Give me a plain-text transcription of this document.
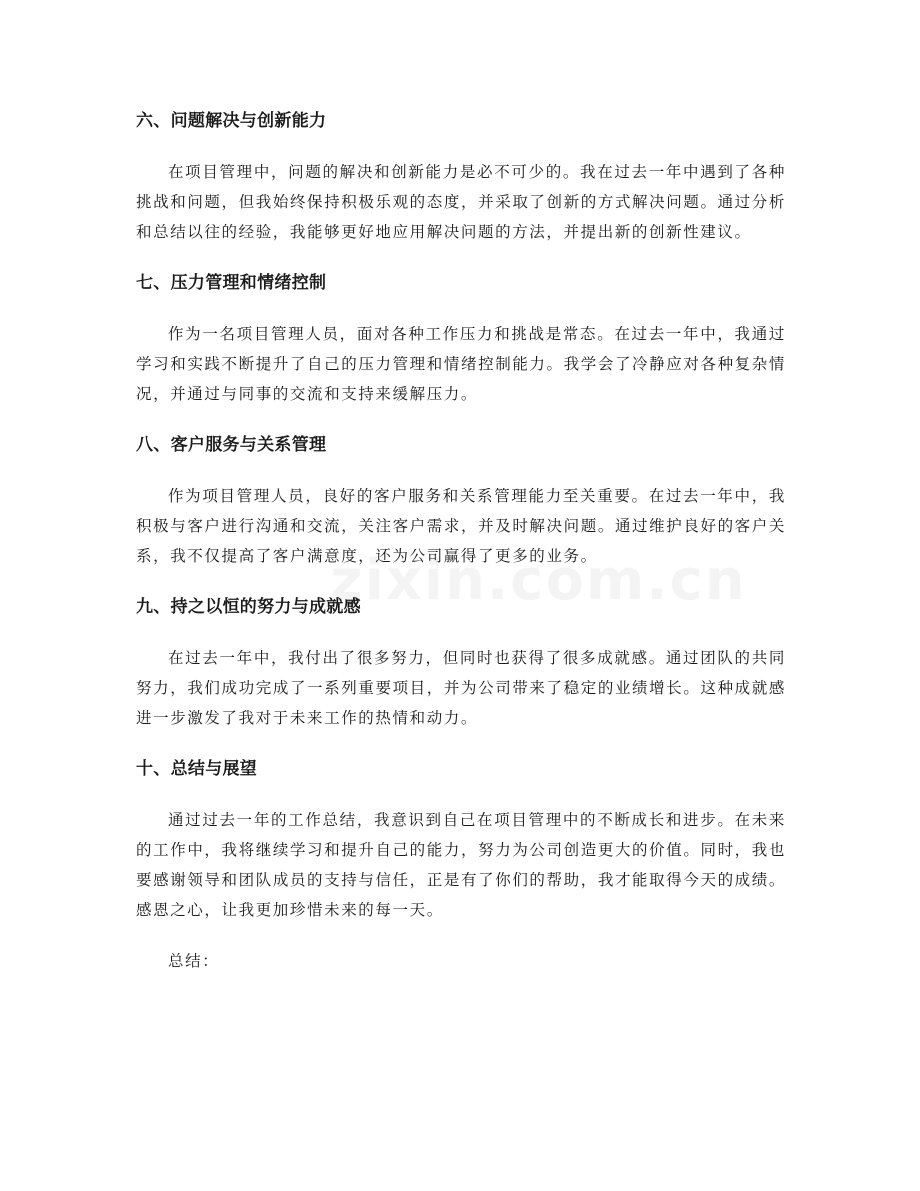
六、问题解决与创新能力

在项目管理中，问题的解决和创新能力是必不可少的。我在过去一年中遇到了各种挑战和问题，但我始终保持积极乐观的态度，并采取了创新的方式解决问题。通过分析和总结以往的经验，我能够更好地应用解决问题的方法，并提出新的创新性建议。

七、压力管理和情绪控制

作为一名项目管理人员，面对各种工作压力和挑战是常态。在过去一年中，我通过学习和实践不断提升了自己的压力管理和情绪控制能力。我学会了冷静应对各种复杂情况，并通过与同事的交流和支持来缓解压力。

八、客户服务与关系管理

作为项目管理人员，良好的客户服务和关系管理能力至关重要。在过去一年中，我积极与客户进行沟通和交流，关注客户需求，并及时解决问题。通过维护良好的客户关系，我不仅提高了客户满意度，还为公司赢得了更多的业务。

九、持之以恒的努力与成就感

在过去一年中，我付出了很多努力，但同时也获得了很多成就感。通过团队的共同努力，我们成功完成了一系列重要项目，并为公司带来了稳定的业绩增长。这种成就感进一步激发了我对于未来工作的热情和动力。

十、总结与展望

通过过去一年的工作总结，我意识到自己在项目管理中的不断成长和进步。在未来的工作中，我将继续学习和提升自己的能力，努力为公司创造更大的价值。同时，我也要感谢领导和团队成员的支持与信任，正是有了你们的帮助，我才能取得今天的成绩。感恩之心，让我更加珍惜未来的每一天。

总结：
